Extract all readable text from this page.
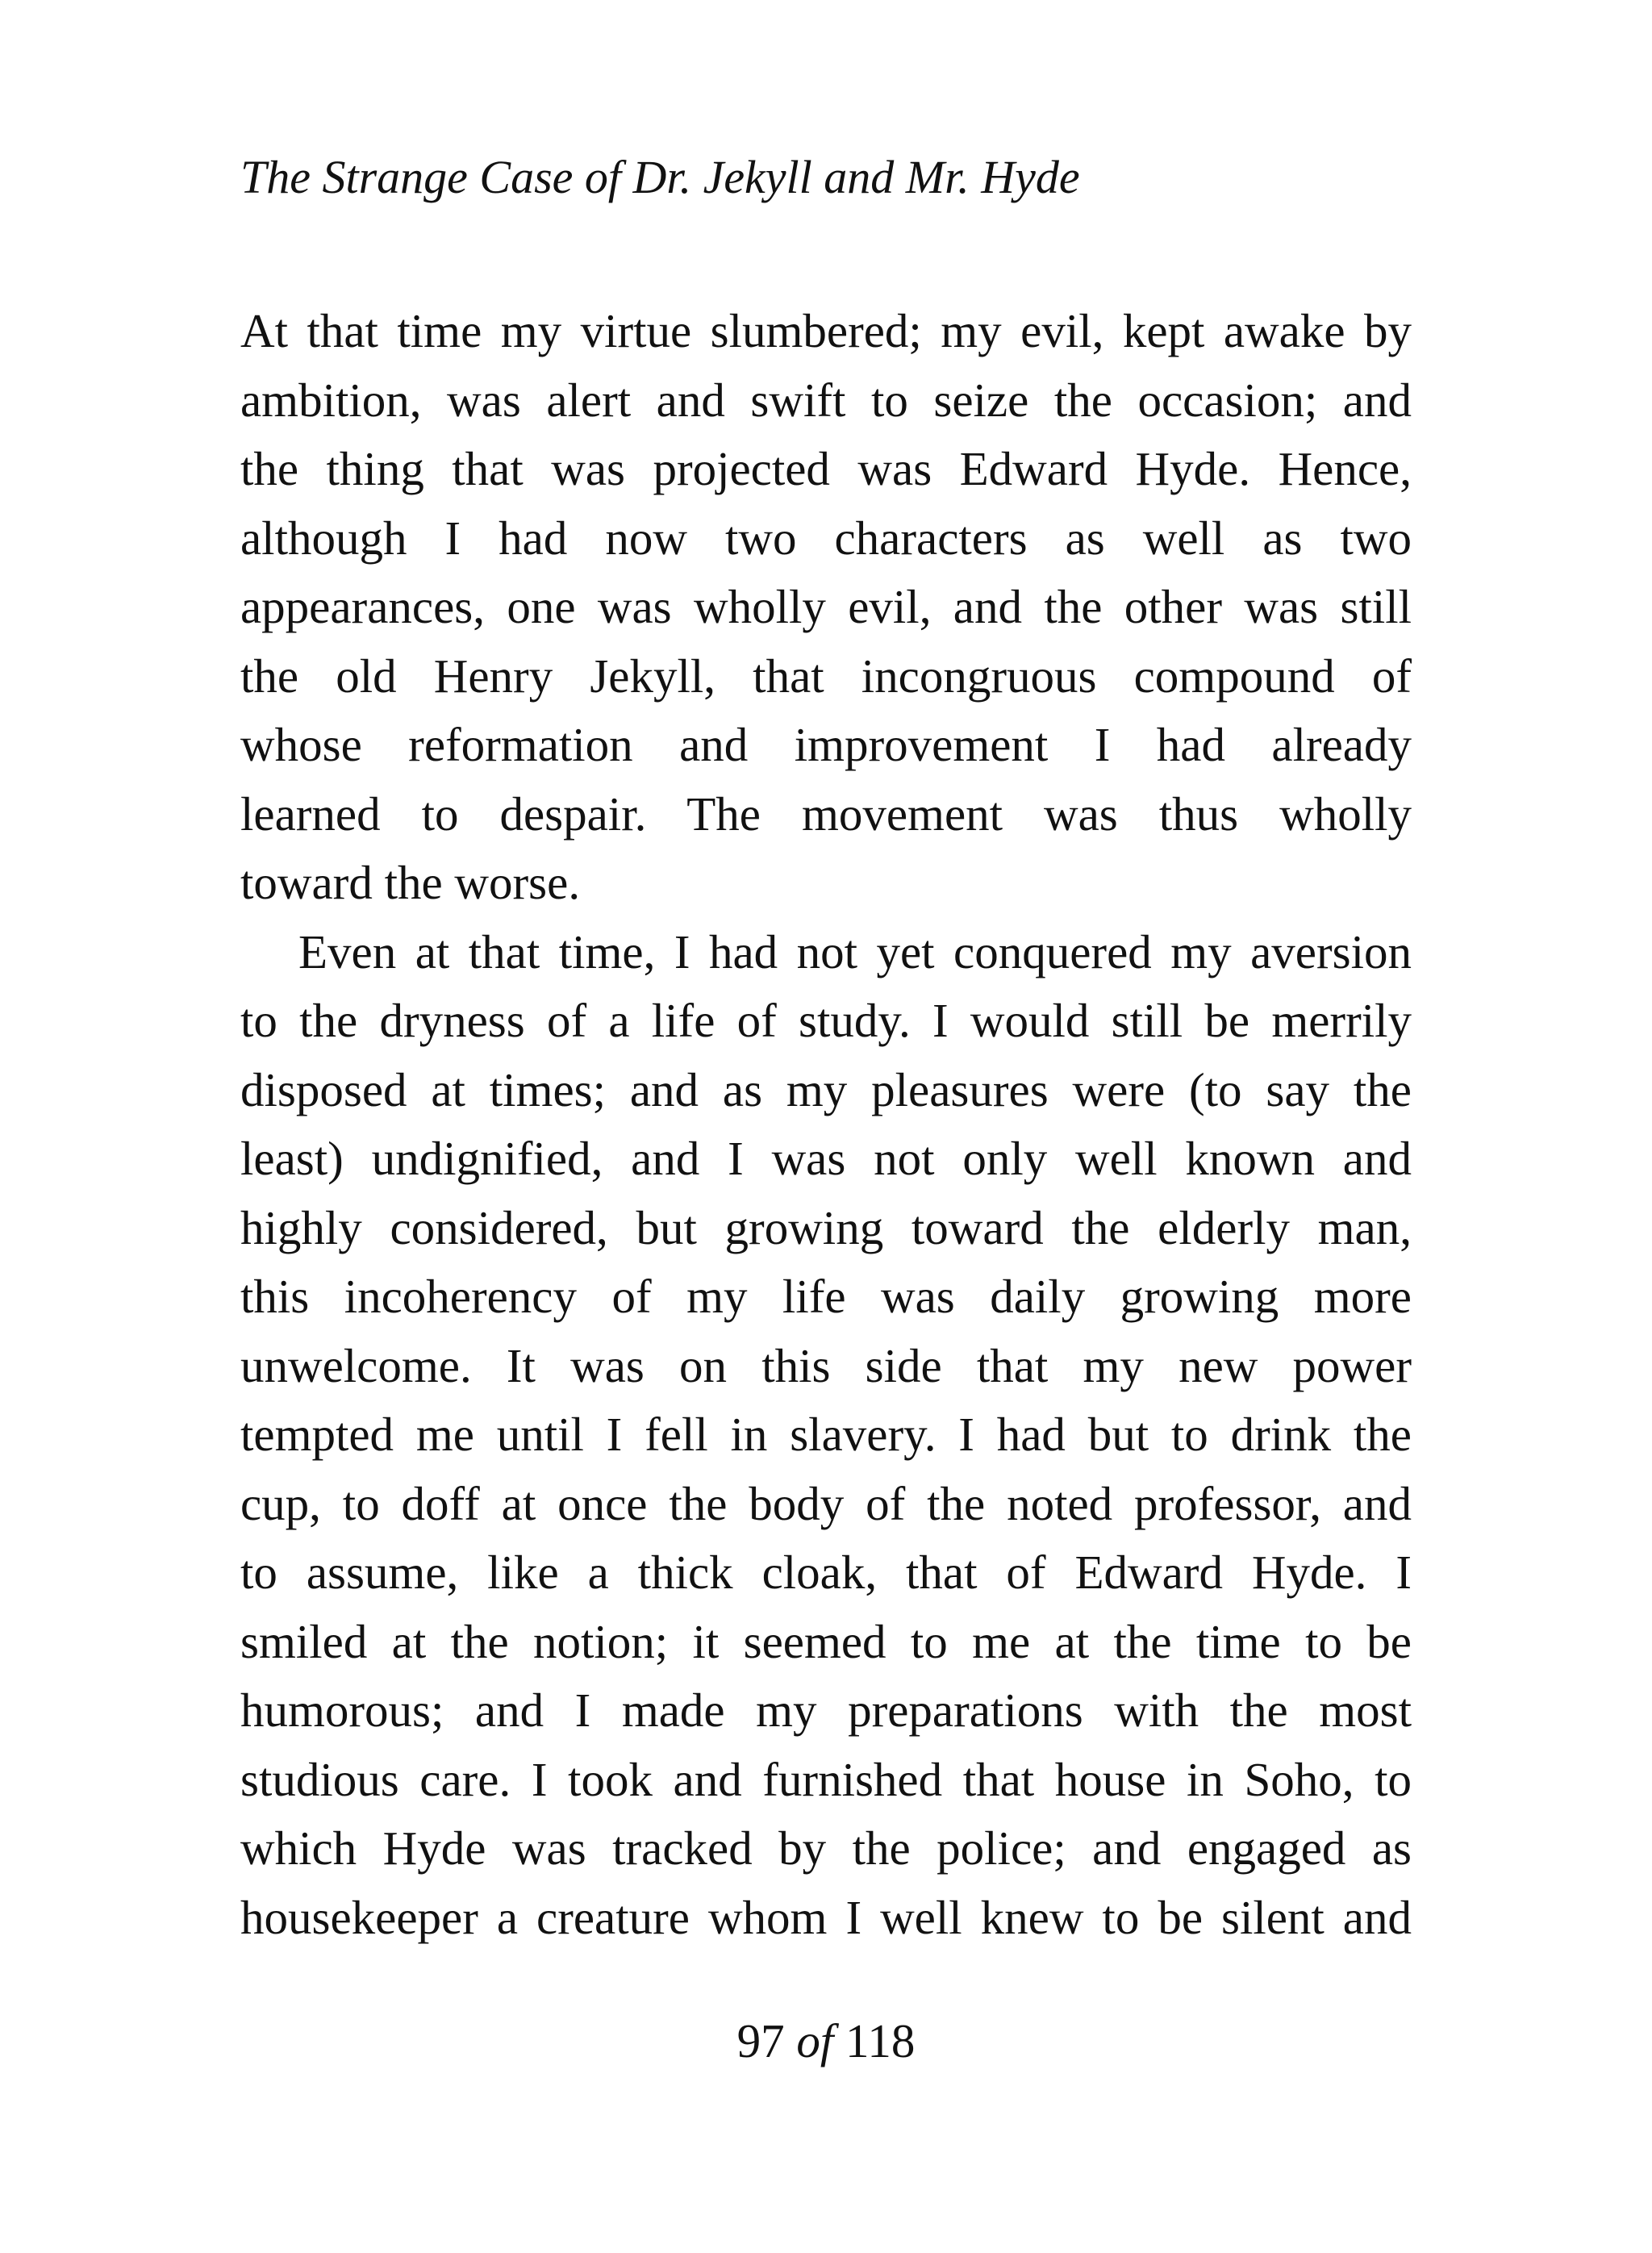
The Strange Case of Dr. Jekyll and Mr. Hyde
At that time my virtue slumbered; my evil, kept awake by
ambition, was alert and swift to seize the occasion; and
the thing that was projected was Edward Hyde. Hence,
although I had now two characters as well as two
appearances, one was wholly evil, and the other was still
the old Henry Jekyll, that incongruous compound of
whose reformation and improvement I had already
learned to despair. The movement was thus wholly
toward the worse.
Even at that time, I had not yet conquered my aversion
to the dryness of a life of study. I would still be merrily
disposed at times; and as my pleasures were (to say the
least) undignified, and I was not only well known and
highly considered, but growing toward the elderly man,
this incoherency of my life was daily growing more
unwelcome. It was on this side that my new power
tempted me until I fell in slavery. I had but to drink the
cup, to doff at once the body of the noted professor, and
to assume, like a thick cloak, that of Edward Hyde. I
smiled at the notion; it seemed to me at the time to be
humorous; and I made my preparations with the most
studious care. I took and furnished that house in Soho, to
which Hyde was tracked by the police; and engaged as
housekeeper a creature whom I well knew to be silent and
97 of 118
